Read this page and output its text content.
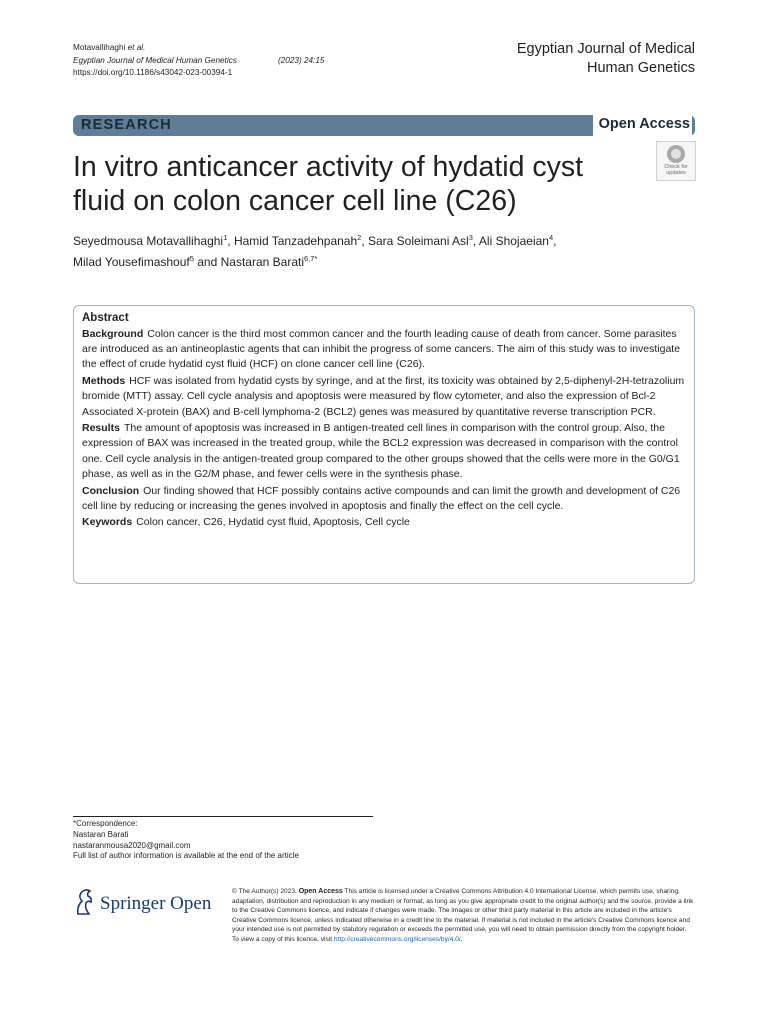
Motavallihaghi et al.
Egyptian Journal of Medical Human Genetics	(2023) 24:15
https://doi.org/10.1186/s43042-023-00394-1
Egyptian Journal of Medical
Human Genetics
RESEARCH	Open Access
Check for
updates
In vitro anticancer activity of hydatid cyst fluid on colon cancer cell line (C26)
Seyedmousa Motavallihaghi$^1$, Hamid Tanzadehpanah$^2$, Sara Soleimani Asl$^3$, Ali Shojaeian$^4$,
Milad Yousefimashouf$^5$ and Nastaran Barati$^{6,7*}$
Abstract

Background Colon cancer is the third most common cancer and the fourth leading cause of death from cancer. Some parasites are introduced as an antineoplastic agents that can inhibit the progress of some cancers. The aim of this study was to investigate the effect of crude hydatid cyst fluid (HCF) on clone cancer cell line (C26).

Methods HCF was isolated from hydatid cysts by syringe, and at the first, its toxicity was obtained by 2,5-diphenyl-2H-tetrazolium bromide (MTT) assay. Cell cycle analysis and apoptosis were measured by flow cytometer, and also the expression of Bcl-2 Associated X-protein (BAX) and B-cell lymphoma-2 (BCL2) genes was measured by quantitative reverse transcription PCR.

Results The amount of apoptosis was increased in B antigen-treated cell lines in comparison with the control group. Also, the expression of BAX was increased in the treated group, while the BCL2 expression was decreased in comparison with the control one. Cell cycle analysis in the antigen-treated group compared to the other groups showed that the cells were more in the G0/G1 phase, as well as in the G2/M phase, and fewer cells were in the synthesis phase.

Conclusion Our finding showed that HCF possibly contains active compounds and can limit the growth and development of C26 cell line by reducing or increasing the genes involved in apoptosis and finally the effect on the cell cycle.

Keywords Colon cancer, C26, Hydatid cyst fluid, Apoptosis, Cell cycle

*Correspondence:
Nastaran Barati
nastaranmousa2020@gmail.com
Full list of author information is available at the end of the article
Springer Open
© The Author(s) 2023. Open Access This article is licensed under a Creative Commons Attribution 4.0 International License, which permits use, sharing, adaptation, distribution and reproduction in any medium or format, as long as you give appropriate credit to the original author(s) and the source, provide a link to the Creative Commons licence, and indicate if changes were made. The images or other third party material in this article are included in the article's Creative Commons licence, unless indicated otherwise in a credit line to the material. If material is not included in the article's Creative Commons licence and your intended use is not permitted by statutory regulation or exceeds the permitted use, you will need to obtain permission directly from the copyright holder. To view a copy of this licence, visit http://creativecommons.org/licenses/by/4.0/.
